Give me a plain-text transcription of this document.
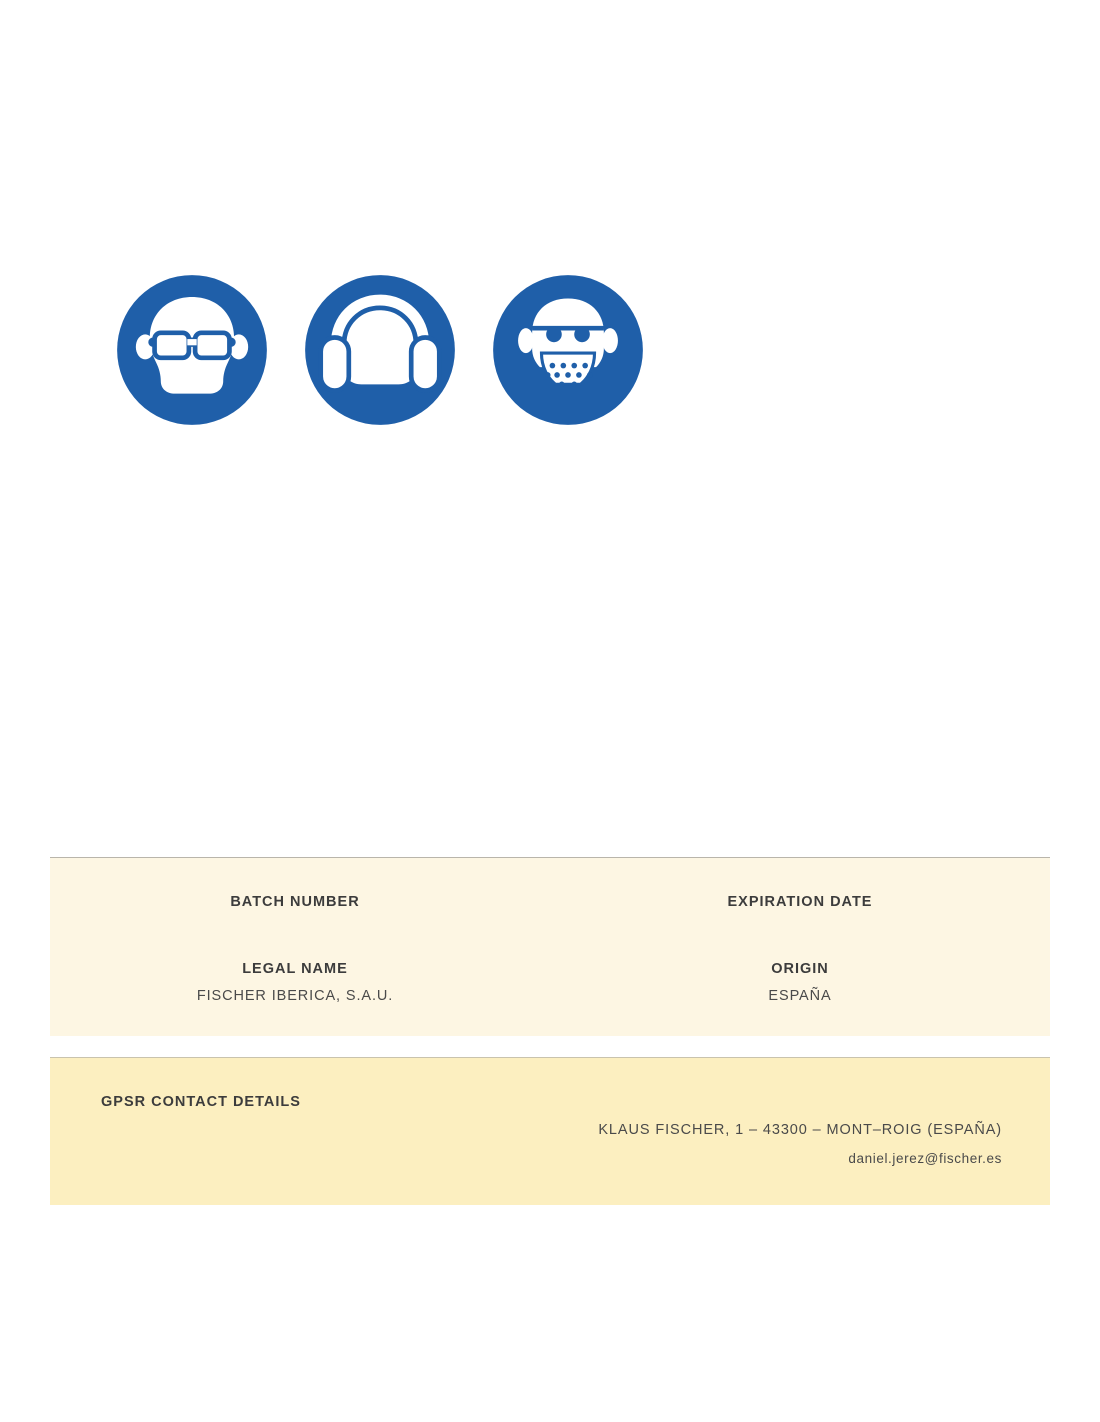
BATCH NUMBER	EXPIRATION DATE
LEGAL NAME
FISCHER IBERICA, S.A.U.
ORIGIN
ESPAÑA
GPSR CONTACT DETAILS
KLAUS FISCHER, 1 – 43300 – MONT–ROIG (ESPAÑA)
daniel.jerez@fischer.es
